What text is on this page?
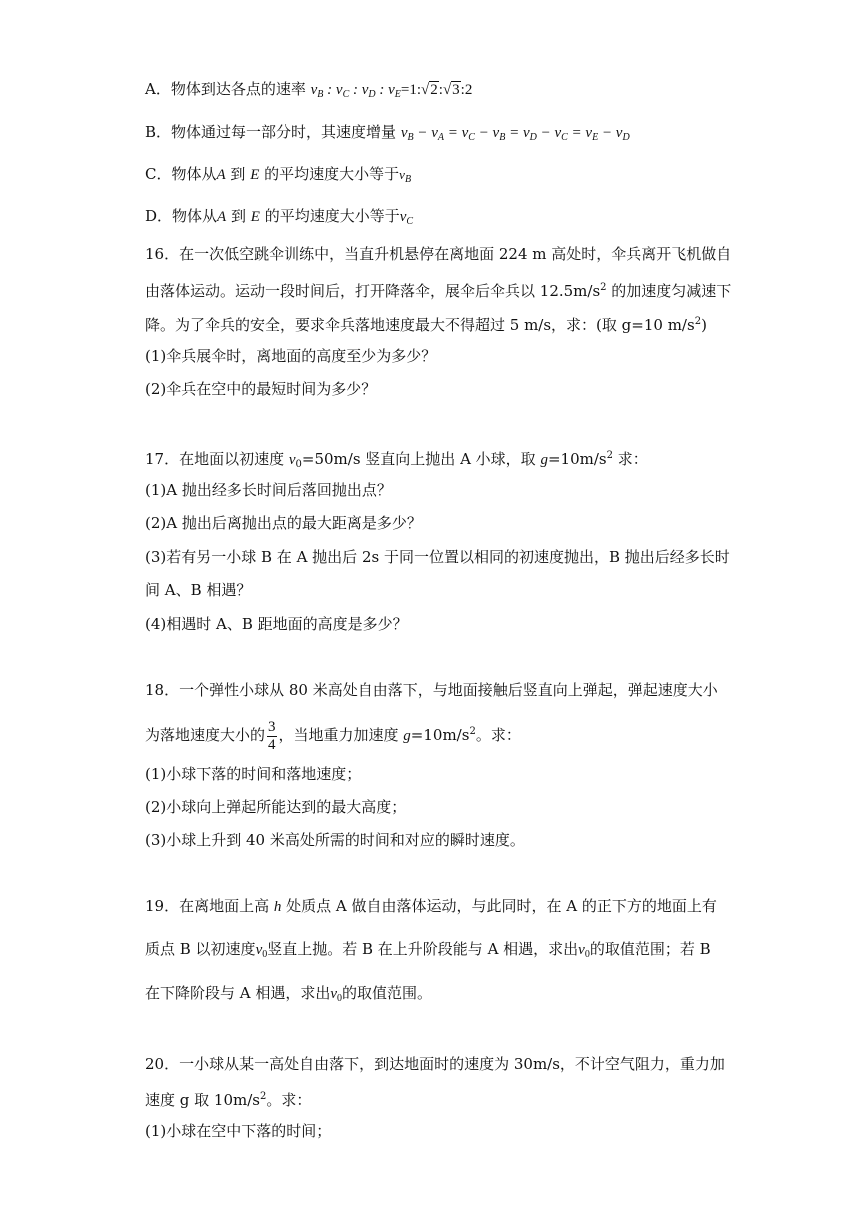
A．物体到达各点的速率 $v_B$ : $v_C$ : $v_D$ : $v_E=1:√2:√3:2$
B．物体通过每一部分时，其速度增量 $v_B - v_A = v_C - v_B = v_D - v_C = v_E - v_D$
C．物体从A 到 E 的平均速度大小等于$v_B$
D．物体从A 到 E 的平均速度大小等于$v_C$
16．在一次低空跳伞训练中，当直升机悬停在离地面 224 m 高处时，伞兵离开飞机做自
由落体运动。运动一段时间后，打开降落伞，展伞后伞兵以 $12.5m/s^2$ 的加速度匀减速下
降。为了伞兵的安全，要求伞兵落地速度最大不得超过 5 m/s，求：(取 g=10 $m/s^2$)
(1)伞兵展伞时，离地面的高度至少为多少？
(2)伞兵在空中的最短时间为多少？
17．在地面以初速度 $v_0=50m/s$ 竖直向上抛出 A 小球，取 $g=10m/s^2$ 求：
(1)A 抛出经多长时间后落回抛出点？
(2)A 抛出后离抛出点的最大距离是多少？
(3)若有另一小球 B 在 A 抛出后 2s 于同一位置以相同的初速度抛出，B 抛出后经多长时
间 A、B 相遇？
(4)相遇时 A、B 距地面的高度是多少？
18．一个弹性小球从 80 米高处自由落下，与地面接触后竖直向上弹起，弹起速度大小
为落地速度大小的 $\frac{3}{4}$ ，当地重力加速度 $g=10m/s^2$。求：
(1)小球下落的时间和落地速度；
(2)小球向上弹起所能达到的最大高度；
(3)小球上升到 40 米高处所需的时间和对应的瞬时速度。
19．在离地面上高 h 处质点 A 做自由落体运动，与此同时，在 A 的正下方的地面上有
质点 B 以初速度$v_0$竖直上抛。若 B 在上升阶段能与 A 相遇，求出$v_0$的取值范围；若 B
在下降阶段与 A 相遇，求出$v_0$的取值范围。
20．一小球从某一高处自由落下，到达地面时的速度为 30m/s，不计空气阻力，重力加
速度 g 取 $10m/s^2$。求：
(1)小球在空中下落的时间；
